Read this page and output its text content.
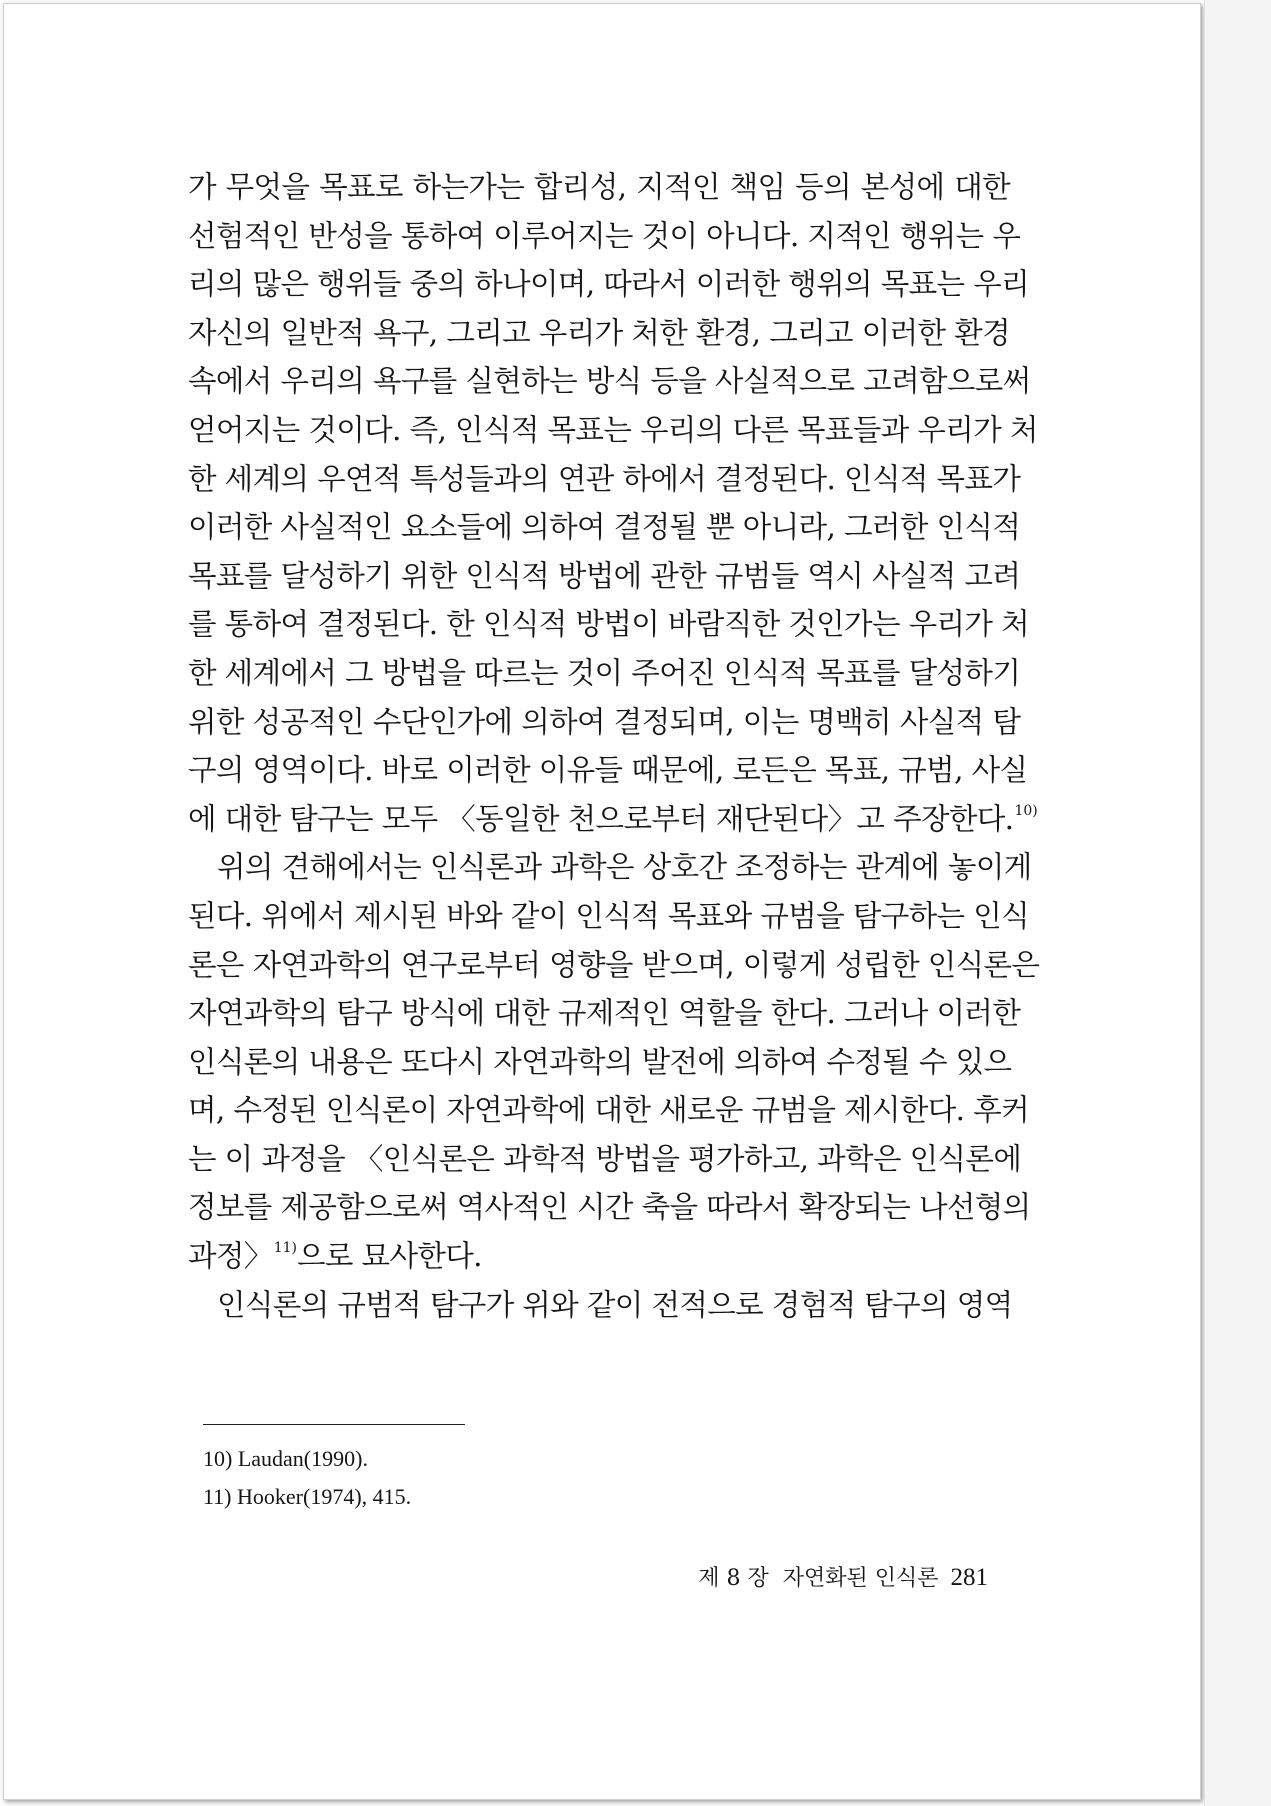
가 무엇을 목표로 하는가는 합리성, 지적인 책임 등의 본성에 대한
선험적인 반성을 통하여 이루어지는 것이 아니다. 지적인 행위는 우
리의 많은 행위들 중의 하나이며, 따라서 이러한 행위의 목표는 우리
자신의 일반적 욕구, 그리고 우리가 처한 환경, 그리고 이러한 환경
속에서 우리의 욕구를 실현하는 방식 등을 사실적으로 고려함으로써
얻어지는 것이다. 즉, 인식적 목표는 우리의 다른 목표들과 우리가 처
한 세계의 우연적 특성들과의 연관 하에서 결정된다. 인식적 목표가
이러한 사실적인 요소들에 의하여 결정될 뿐 아니라, 그러한 인식적
목표를 달성하기 위한 인식적 방법에 관한 규범들 역시 사실적 고려
를 통하여 결정된다. 한 인식적 방법이 바람직한 것인가는 우리가 처
한 세계에서 그 방법을 따르는 것이 주어진 인식적 목표를 달성하기
위한 성공적인 수단인가에 의하여 결정되며, 이는 명백히 사실적 탐
구의 영역이다. 바로 이러한 이유들 때문에, 로든은 목표, 규범, 사실
에 대한 탐구는 모두 〈동일한 천으로부터 재단된다〉고 주장한다.$^{10)}$
위의 견해에서는 인식론과 과학은 상호간 조정하는 관계에 놓이게
된다. 위에서 제시된 바와 같이 인식적 목표와 규범을 탐구하는 인식
론은 자연과학의 연구로부터 영향을 받으며, 이렇게 성립한 인식론은
자연과학의 탐구 방식에 대한 규제적인 역할을 한다. 그러나 이러한
인식론의 내용은 또다시 자연과학의 발전에 의하여 수정될 수 있으
며, 수정된 인식론이 자연과학에 대한 새로운 규범을 제시한다. 후커
는 이 과정을 〈인식론은 과학적 방법을 평가하고, 과학은 인식론에
정보를 제공함으로써 역사적인 시간 축을 따라서 확장되는 나선형의
과정〉$^{11)}$으로 묘사한다.
인식론의 규범적 탐구가 위와 같이 전적으로 경험적 탐구의 영역
10) Laudan(1990).
11) Hooker(1974), 415.
제 8 장  자연화된 인식론 281
